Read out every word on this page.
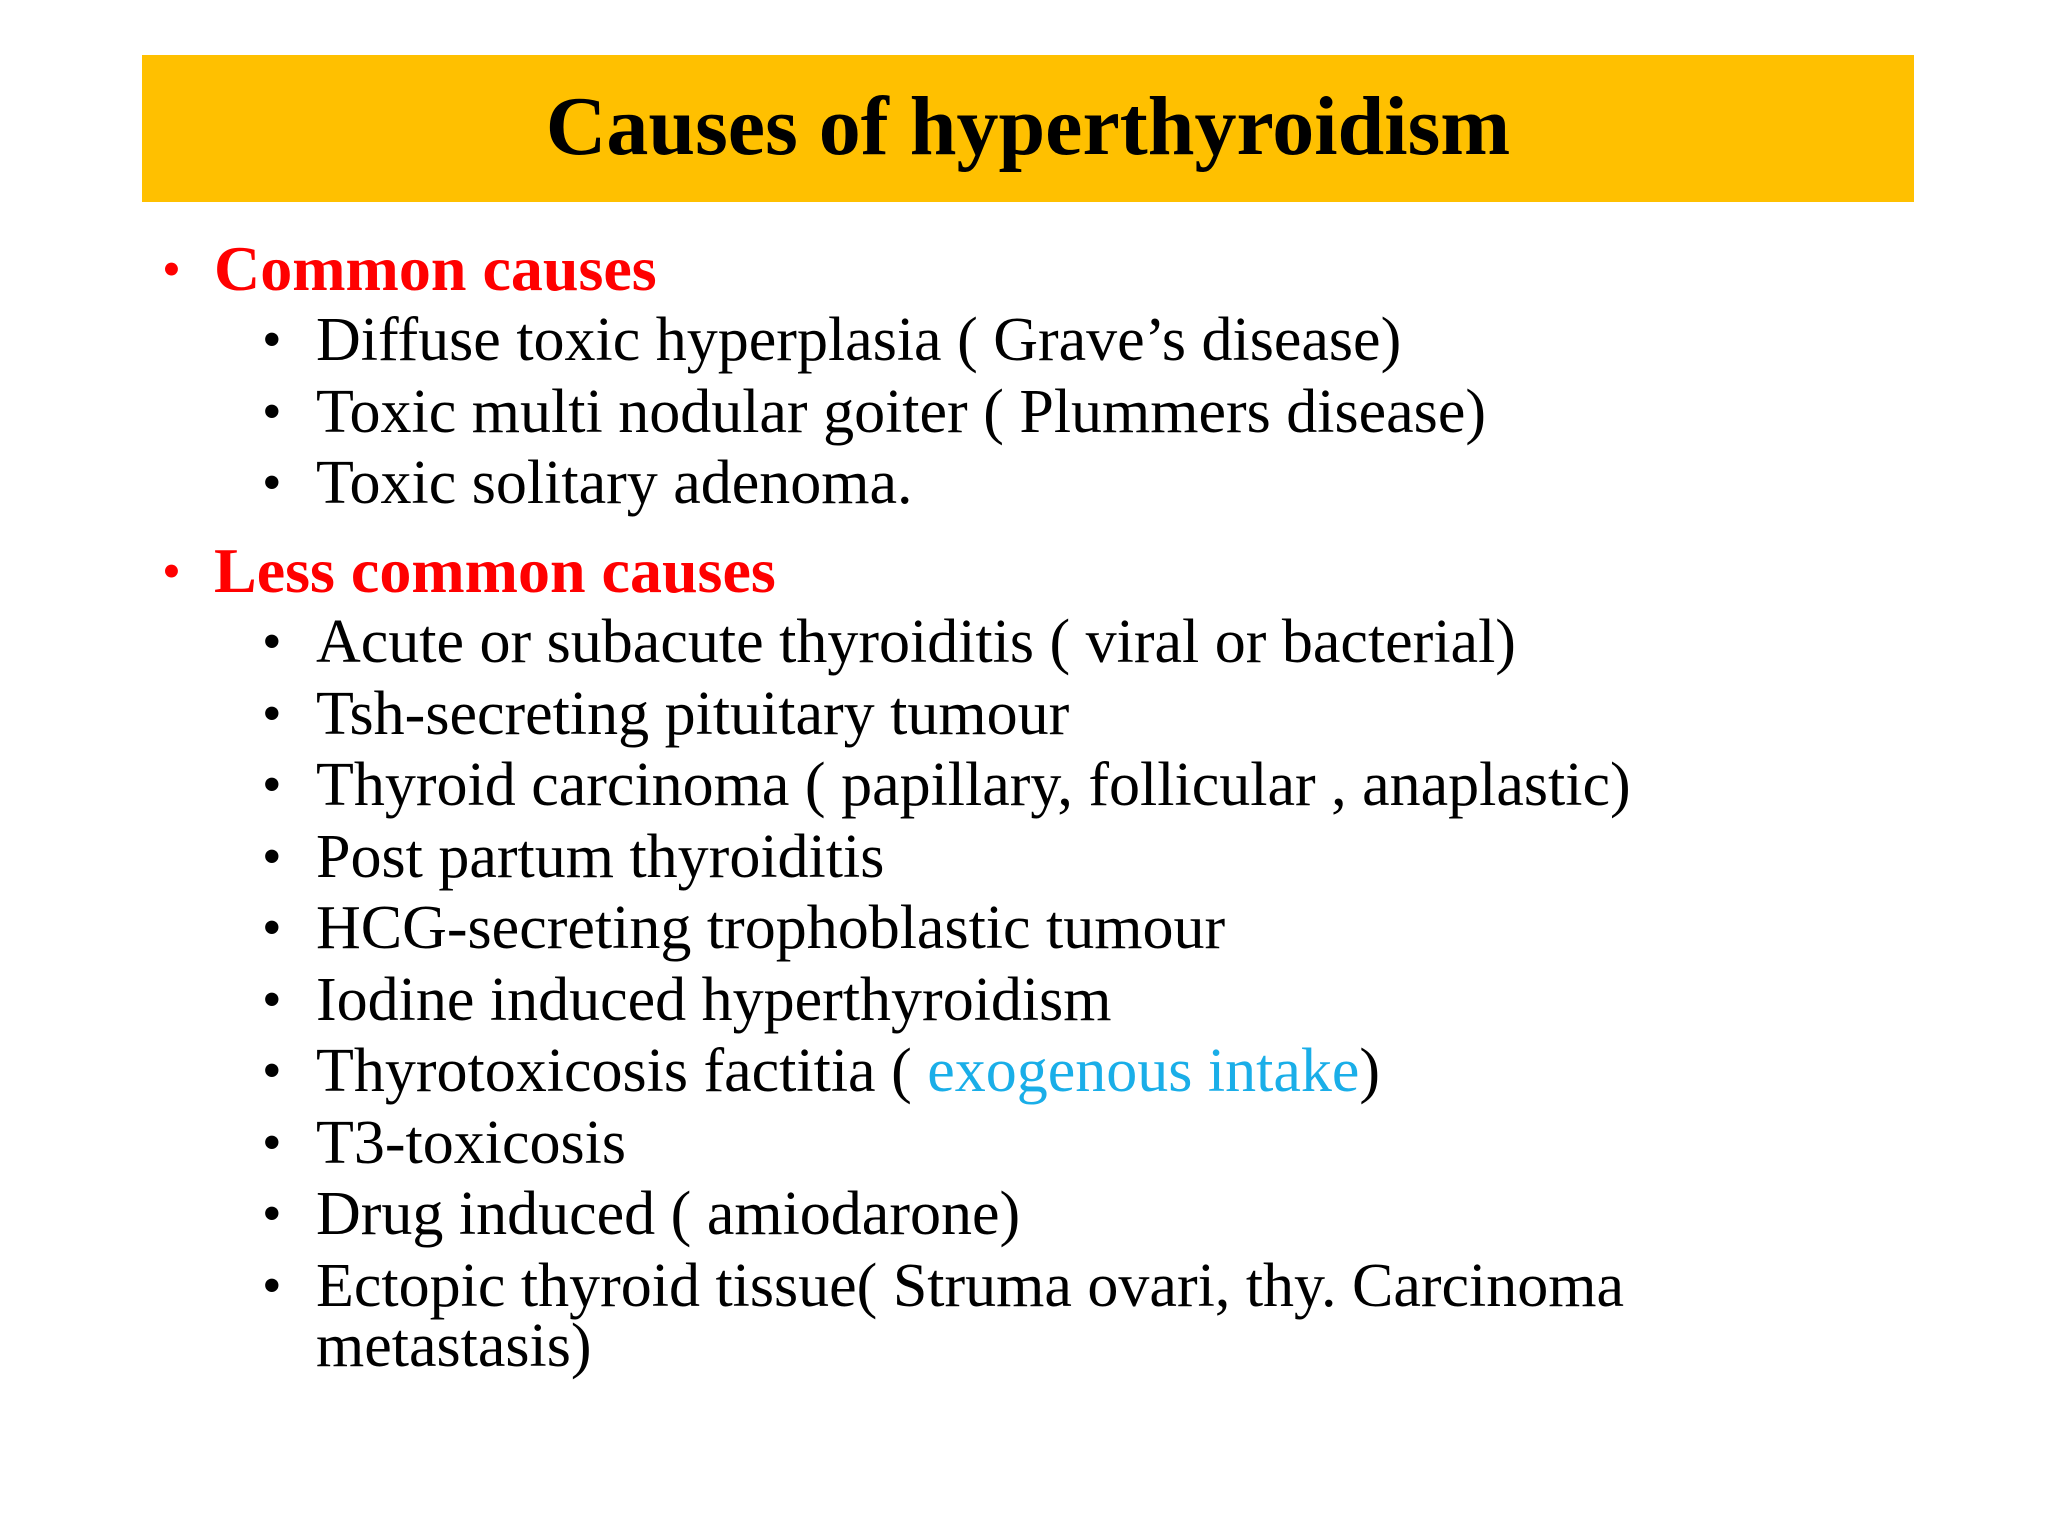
Causes of hyperthyroidism
• Common causes
• Diffuse toxic hyperplasia ( Grave’s disease)
• Toxic multi nodular goiter ( Plummers disease)
• Toxic solitary adenoma.
• Less common causes
• Acute or subacute thyroiditis ( viral or bacterial)
• Tsh-secreting pituitary tumour
• Thyroid carcinoma ( papillary, follicular , anaplastic)
• Post partum thyroiditis
• HCG-secreting trophoblastic tumour
• Iodine induced hyperthyroidism
• Thyrotoxicosis factitia ( exogenous intake)
• T3-toxicosis
• Drug induced ( amiodarone)
• Ectopic thyroid tissue( Struma ovari, thy. Carcinoma metastasis)
